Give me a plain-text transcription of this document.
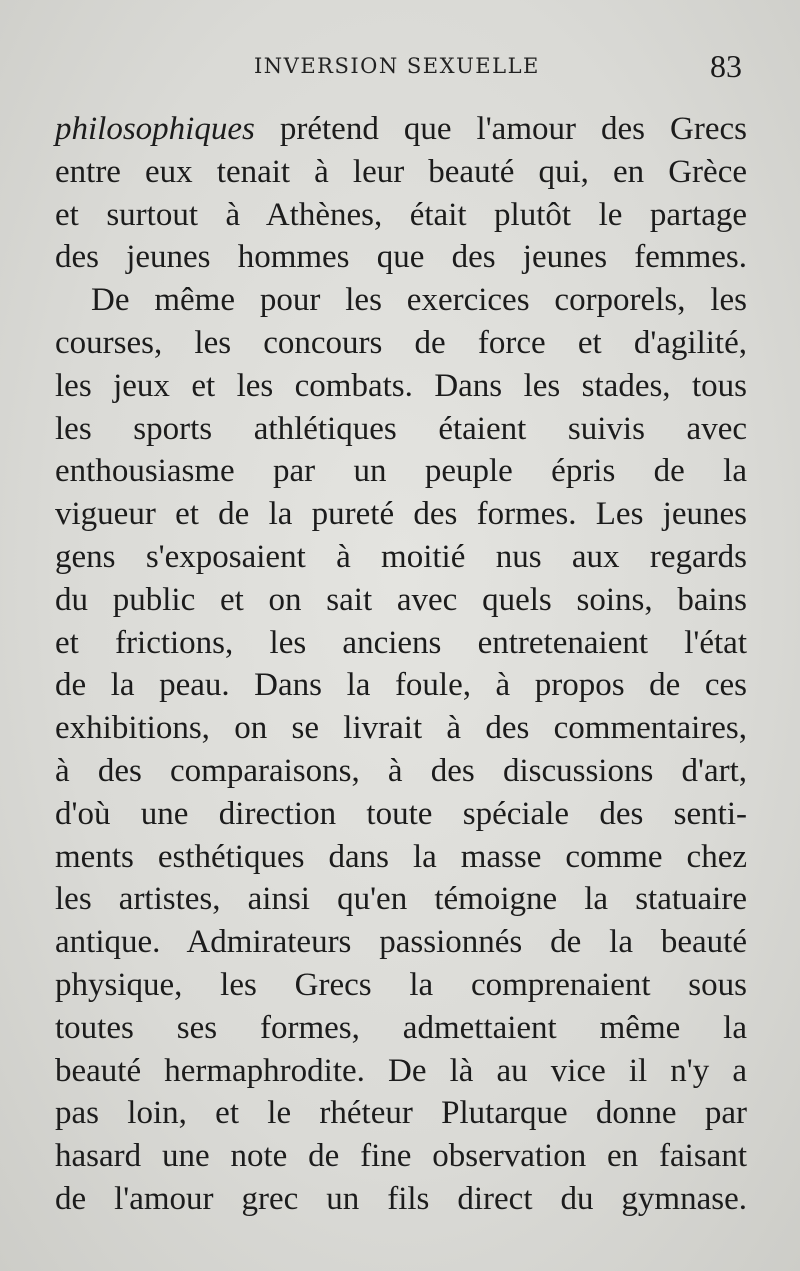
INVERSION SEXUELLE	83
philosophiques prétend que l'amour des Grecs
entre eux tenait à leur beauté qui, en Grèce
et surtout à Athènes, était plutôt le partage
des jeunes hommes que des jeunes femmes.
De même pour les exercices corporels, les
courses, les concours de force et d'agilité,
les jeux et les combats. Dans les stades, tous
les sports athlétiques étaient suivis avec
enthousiasme par un peuple épris de la
vigueur et de la pureté des formes. Les jeunes
gens s'exposaient à moitié nus aux regards
du public et on sait avec quels soins, bains
et frictions, les anciens entretenaient l'état
de la peau. Dans la foule, à propos de ces
exhibitions, on se livrait à des commentaires,
à des comparaisons, à des discussions d'art,
d'où une direction toute spéciale des senti-
ments esthétiques dans la masse comme chez
les artistes, ainsi qu'en témoigne la statuaire
antique. Admirateurs passionnés de la beauté
physique, les Grecs la comprenaient sous
toutes ses formes, admettaient même la
beauté hermaphrodite. De là au vice il n'y a
pas loin, et le rhéteur Plutarque donne par
hasard une note de fine observation en faisant
de l'amour grec un fils direct du gymnase.
